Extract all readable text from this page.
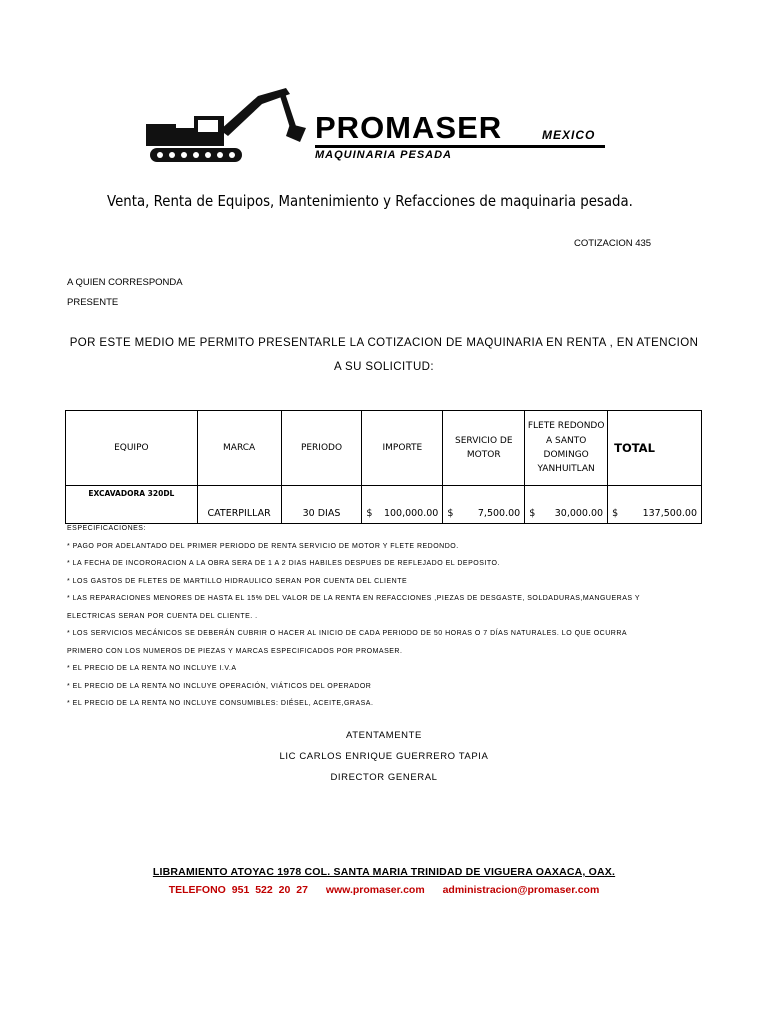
PROMASER	MEXICO
MAQUINARIA PESADA
Venta, Renta de Equipos, Mantenimiento y Refacciones de maquinaria pesada.
COTIZACION 435
A QUIEN CORRESPONDA
PRESENTE
POR ESTE MEDIO ME PERMITO PRESENTARLE LA COTIZACION DE MAQUINARIA EN RENTA , EN ATENCION
A SU SOLICITUD:
EQUIPO	MARCA	PERIODO	IMPORTE	SERVICIO DE MOTOR	FLETE REDONDO A SANTO DOMINGO YANHUITLAN	TOTAL
EXCAVADORA 320DL	CATERPILLAR	30 DIAS	$ 100,000.00	$ 7,500.00	$ 30,000.00	$ 137,500.00
ESPECIFICACIONES:
* PAGO POR ADELANTADO DEL PRIMER PERIODO DE RENTA SERVICIO DE MOTOR Y FLETE REDONDO.
* LA FECHA DE INCORORACION A LA OBRA SERA DE 1 A 2 DIAS HABILES DESPUES DE REFLEJADO EL DEPOSITO.
* LOS GASTOS DE FLETES DE MARTILLO HIDRAULICO SERAN POR CUENTA DEL CLIENTE
* LAS REPARACIONES MENORES DE HASTA EL 15% DEL VALOR DE LA RENTA EN REFACCIONES ,PIEZAS DE DESGASTE, SOLDADURAS,MANGUERAS Y
ELECTRICAS SERAN POR CUENTA DEL CLIENTE. .
* LOS SERVICIOS MECÁNICOS SE DEBERÁN CUBRIR O HACER AL INICIO DE CADA PERIODO DE 50 HORAS O 7 DÍAS NATURALES. LO QUE OCURRA
PRIMERO CON LOS NUMEROS DE PIEZAS Y MARCAS ESPECIFICADOS POR PROMASER.
* EL PRECIO DE LA RENTA NO INCLUYE I.V.A
* EL PRECIO DE LA RENTA NO INCLUYE OPERACIÓN, VIÁTICOS DEL OPERADOR
* EL PRECIO DE LA RENTA NO INCLUYE CONSUMIBLES: DIÉSEL, ACEITE,GRASA.
ATENTAMENTE
LIC CARLOS ENRIQUE GUERRERO TAPIA
DIRECTOR GENERAL
LIBRAMIENTO ATOYAC 1978 COL. SANTA MARIA TRINIDAD DE VIGUERA OAXACA, OAX.
TELEFONO 951 522 20 27 www.promaser.com administracion@promaser.com
